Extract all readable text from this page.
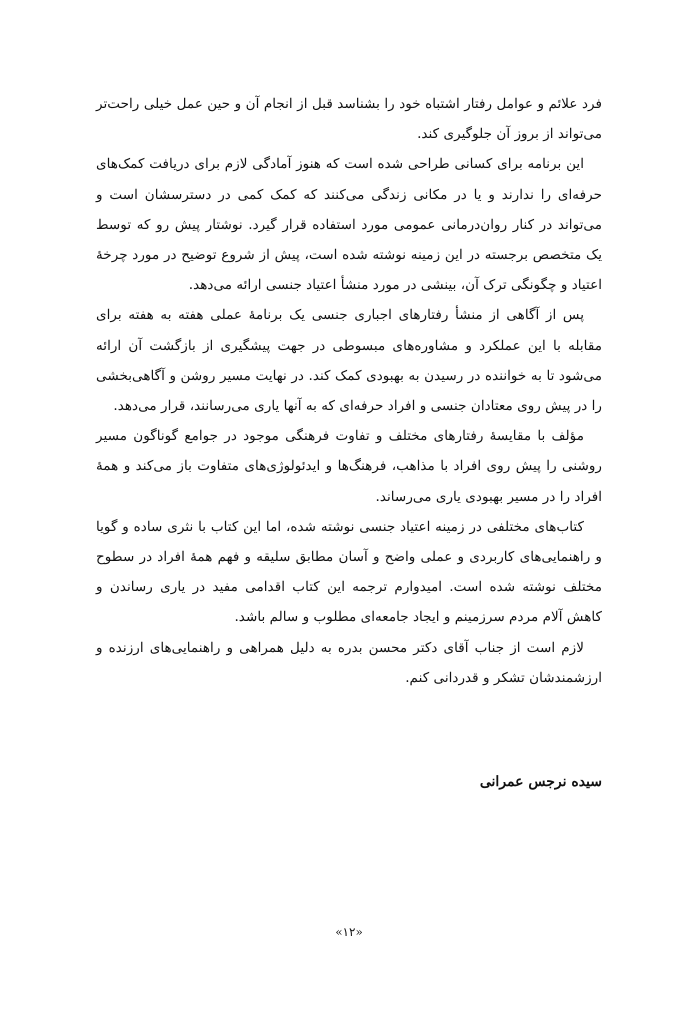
فرد علائم و عوامل رفتار اشتباه خود را بشناسد قبل از انجام آن و حین عمل خیلی راحت‌تر می‌تواند از بروز آن جلوگیری کند.

این برنامه برای کسانی طراحی شده است که هنوز آمادگی لازم برای دریافت کمک‌های حرفه‌ای را ندارند و یا در مکانی زندگی می‌کنند که کمک کمی در دسترسشان است و می‌تواند در کنار روان‌درمانی عمومی مورد استفاده قرار گیرد. نوشتار پیش رو که توسط یک متخصص برجسته در این زمینه نوشته شده است، پیش از شروع توضیح در مورد چرخهٔ اعتیاد و چگونگی ترک آن، بینشی در مورد منشأ اعتیاد جنسی ارائه می‌دهد.

پس از آگاهی از منشأ رفتارهای اجباری جنسی یک برنامهٔ عملی هفته به هفته برای مقابله با این عملکرد و مشاوره‌های مبسوطی در جهت پیشگیری از بازگشت آن ارائه می‌شود تا به خواننده در رسیدن به بهبودی کمک کند. در نهایت مسیر روشن و آگاهی‌بخشی را در پیش روی معتادان جنسی و افراد حرفه‌ای که به آنها یاری می‌رسانند، قرار می‌دهد.

مؤلف با مقایسهٔ رفتارهای مختلف و تفاوت فرهنگی موجود در جوامع گوناگون مسیر روشنی را پیش روی افراد با مذاهب، فرهنگ‌ها و ایدئولوژی‌های متفاوت باز می‌کند و همهٔ افراد را در مسیر بهبودی یاری می‌رساند.

کتاب‌های مختلفی در زمینه اعتیاد جنسی نوشته شده، اما این کتاب با نثری ساده و گویا و راهنمایی‌های کاربردی و عملی واضح و آسان مطابق سلیقه و فهم همهٔ افراد در سطوح مختلف نوشته شده است. امیدوارم ترجمه این کتاب اقدامی مفید در یاری رساندن و کاهش آلام مردم سرزمینم و ایجاد جامعه‌ای مطلوب و سالم باشد.

لازم است از جناب آقای دکتر محسن بدره به دلیل همراهی و راهنمایی‌های ارزنده و ارزشمندشان تشکر و قدردانی کنم.

سیده نرجس عمرانی
«۱۲»
